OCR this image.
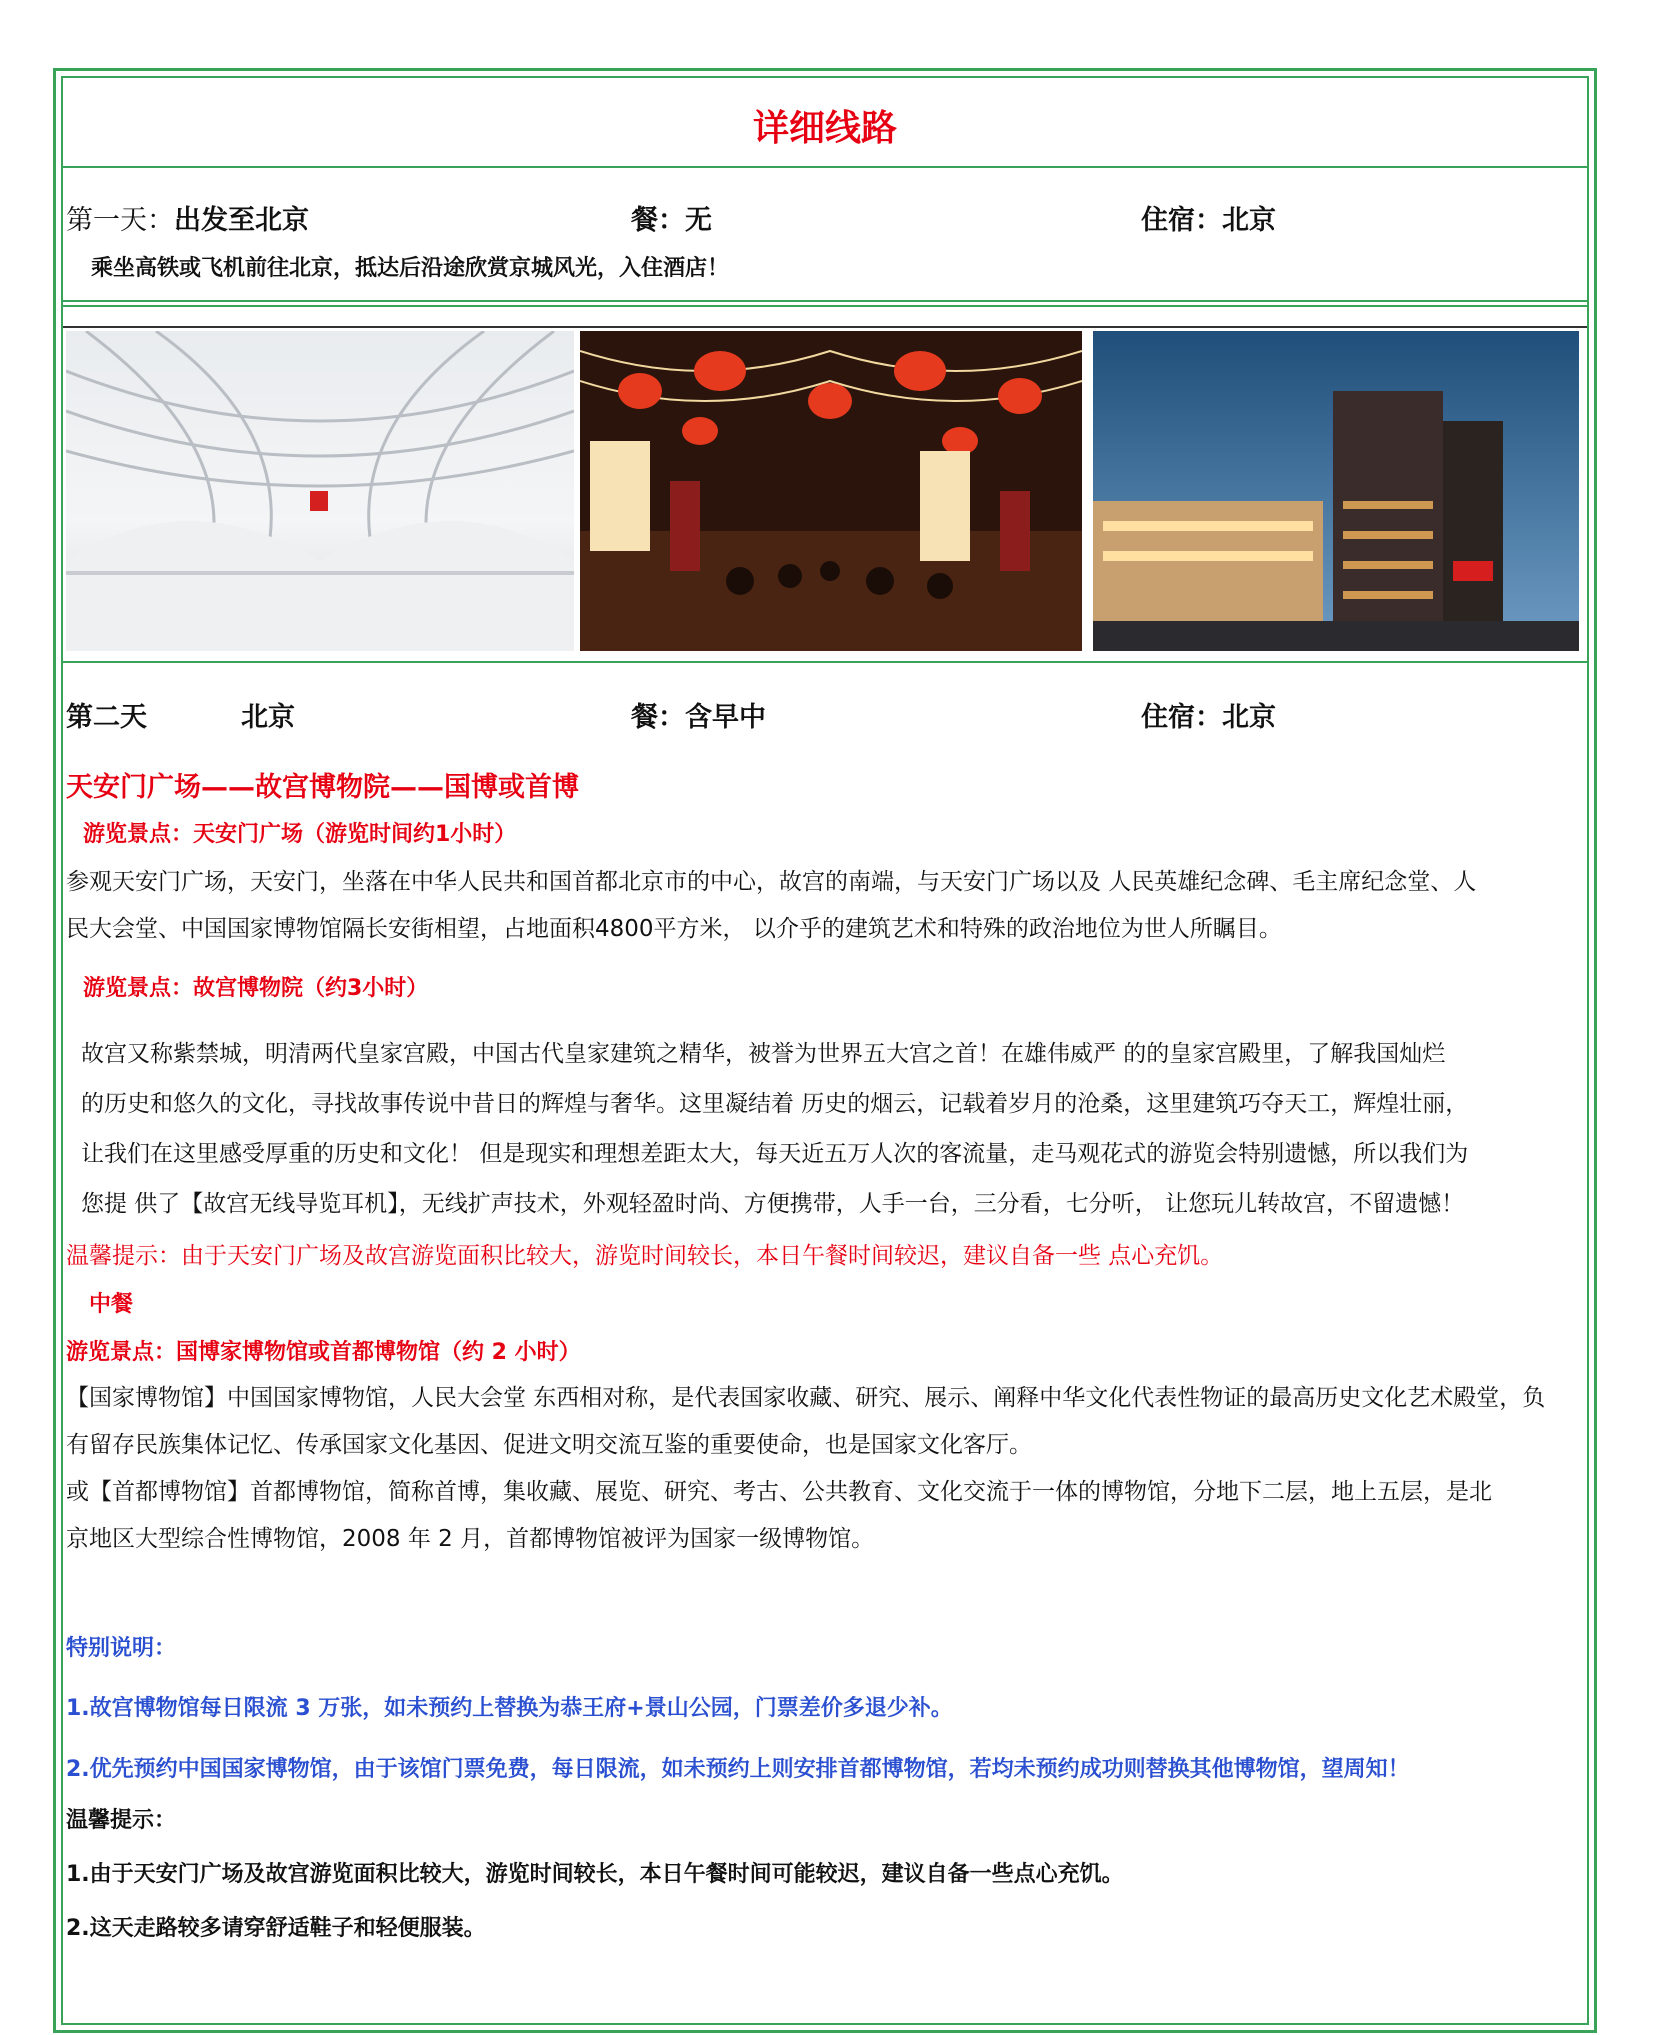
详细线路
第一天：出发至北京	餐：无	住宿：北京
乘坐高铁或飞机前往北京，抵达后沿途欣赏京城风光，入住酒店！
第二天	北京	餐：含早中	住宿：北京
天安门广场——故宫博物院——国博或首博
游览景点：天安门广场（游览时间约1小时）
参观天安门广场，天安门，坐落在中华人民共和国首都北京市的中心，故宫的南端，与天安门广场以及 人民英雄纪念碑、毛主席纪念堂、人
民大会堂、中国国家博物馆隔长安街相望，占地面积4800平方米， 以介乎的建筑艺术和特殊的政治地位为世人所瞩目。
游览景点：故宫博物院（约3小时）
故宫又称紫禁城，明清两代皇家宫殿，中国古代皇家建筑之精华，被誉为世界五大宫之首！在雄伟威严 的的皇家宫殿里，了解我国灿烂
的历史和悠久的文化，寻找故事传说中昔日的辉煌与奢华。这里凝结着 历史的烟云，记载着岁月的沧桑，这里建筑巧夺天工，辉煌壮丽，
让我们在这里感受厚重的历史和文化！ 但是现实和理想差距太大，每天近五万人次的客流量，走马观花式的游览会特别遗憾，所以我们为
您提 供了【故宫无线导览耳机】，无线扩声技术，外观轻盈时尚、方便携带，人手一台，三分看，七分听， 让您玩儿转故宫，不留遗憾！
温馨提示：由于天安门广场及故宫游览面积比较大，游览时间较长，本日午餐时间较迟，建议自备一些 点心充饥。
中餐
游览景点：国博家博物馆或首都博物馆（约 2 小时）
【国家博物馆】中国国家博物馆，人民大会堂 东西相对称，是代表国家收藏、研究、展示、阐释中华文化代表性物证的最高历史文化艺术殿堂，负
有留存民族集体记忆、传承国家文化基因、促进文明交流互鉴的重要使命，也是国家文化客厅。
或【首都博物馆】首都博物馆，简称首博，集收藏、展览、研究、考古、公共教育、文化交流于一体的博物馆，分地下二层，地上五层，是北
京地区大型综合性博物馆，2008 年 2 月，首都博物馆被评为国家一级博物馆。
特别说明：
1.故宫博物馆每日限流 3 万张，如未预约上替换为恭王府+景山公园，门票差价多退少补。
2.优先预约中国国家博物馆，由于该馆门票免费，每日限流，如未预约上则安排首都博物馆，若均未预约成功则替换其他博物馆，望周知！
温馨提示：
1.由于天安门广场及故宫游览面积比较大，游览时间较长，本日午餐时间可能较迟，建议自备一些点心充饥。
2.这天走路较多请穿舒适鞋子和轻便服装。
